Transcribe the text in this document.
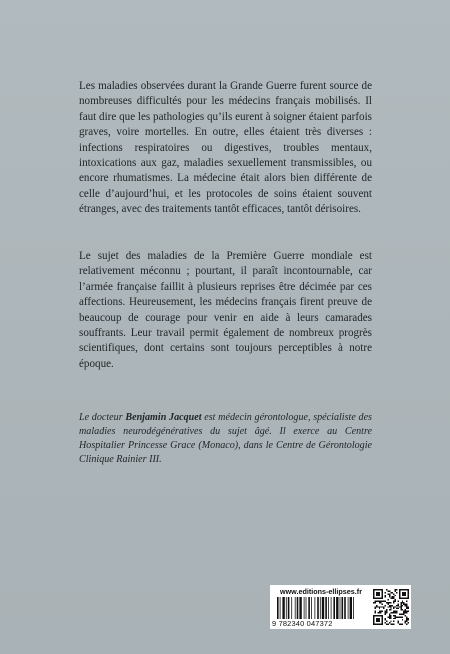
Les maladies observées durant la Grande Guerre furent source de nombreuses difficultés pour les médecins français mobilisés. Il faut dire que les pathologies qu’ils eurent à soigner étaient parfois graves, voire mortelles. En outre, elles étaient très diverses : infections respiratoires ou digestives, troubles mentaux, intoxications aux gaz, maladies sexuellement transmissibles, ou encore rhumatismes. La médecine était alors bien différente de celle d’aujourd’hui, et les protocoles de soins étaient souvent étranges, avec des traitements tantôt efficaces, tantôt dérisoires.

Le sujet des maladies de la Première Guerre mondiale est relativement méconnu ; pourtant, il paraît incontournable, car l’armée française faillit à plusieurs reprises être décimée par ces affections. Heureusement, les médecins français firent preuve de beaucoup de courage pour venir en aide à leurs camarades souffrants. Leur travail permit également de nombreux progrès scientifiques, dont certains sont toujours perceptibles à notre époque.

Le docteur Benjamin Jacquet est médecin gérontologue, spécialiste des maladies neurodégénératives du sujet âgé. Il exerce au Centre Hospitalier Princesse Grace (Monaco), dans le Centre de Gérontologie Clinique Rainier III.

www.editions-ellipses.fr
9 782340 047372
